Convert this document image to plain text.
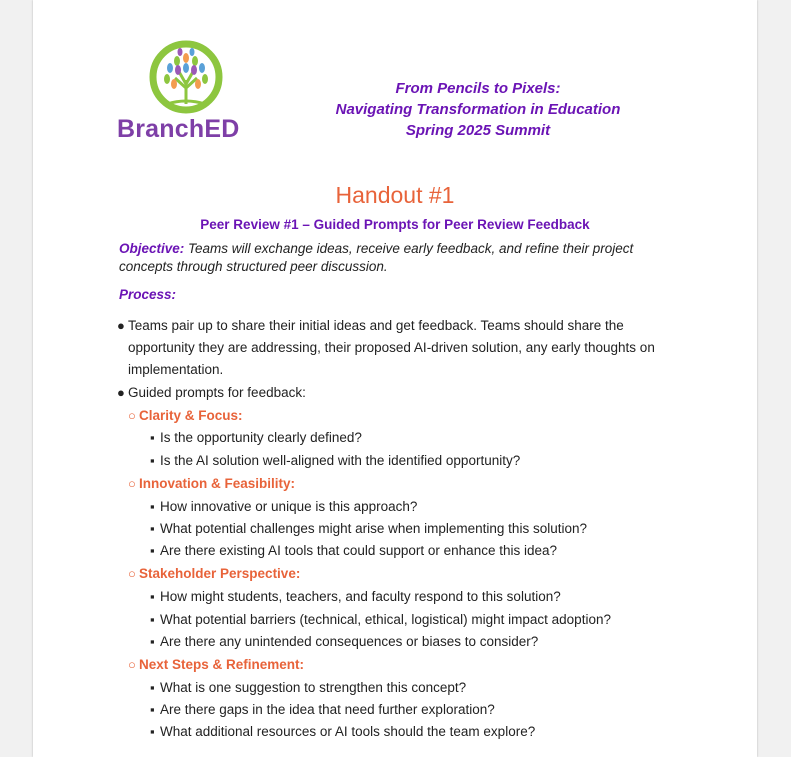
BranchED
From Pencils to Pixels:
Navigating Transformation in Education
Spring 2025 Summit
Handout #1
Peer Review #1 – Guided Prompts for Peer Review Feedback
Objective: Teams will exchange ideas, receive early feedback, and refine their project concepts through structured peer discussion.
Process:
● Teams pair up to share their initial ideas and get feedback. Teams should share the
opportunity they are addressing, their proposed AI-driven solution, any early thoughts on
implementation.
● Guided prompts for feedback:
○ Clarity & Focus:
▪ Is the opportunity clearly defined?
▪ Is the AI solution well-aligned with the identified opportunity?
○ Innovation & Feasibility:
▪ How innovative or unique is this approach?
▪ What potential challenges might arise when implementing this solution?
▪ Are there existing AI tools that could support or enhance this idea?
○ Stakeholder Perspective:
▪ How might students, teachers, and faculty respond to this solution?
▪ What potential barriers (technical, ethical, logistical) might impact adoption?
▪ Are there any unintended consequences or biases to consider?
○ Next Steps & Refinement:
▪ What is one suggestion to strengthen this concept?
▪ Are there gaps in the idea that need further exploration?
▪ What additional resources or AI tools should the team explore?
